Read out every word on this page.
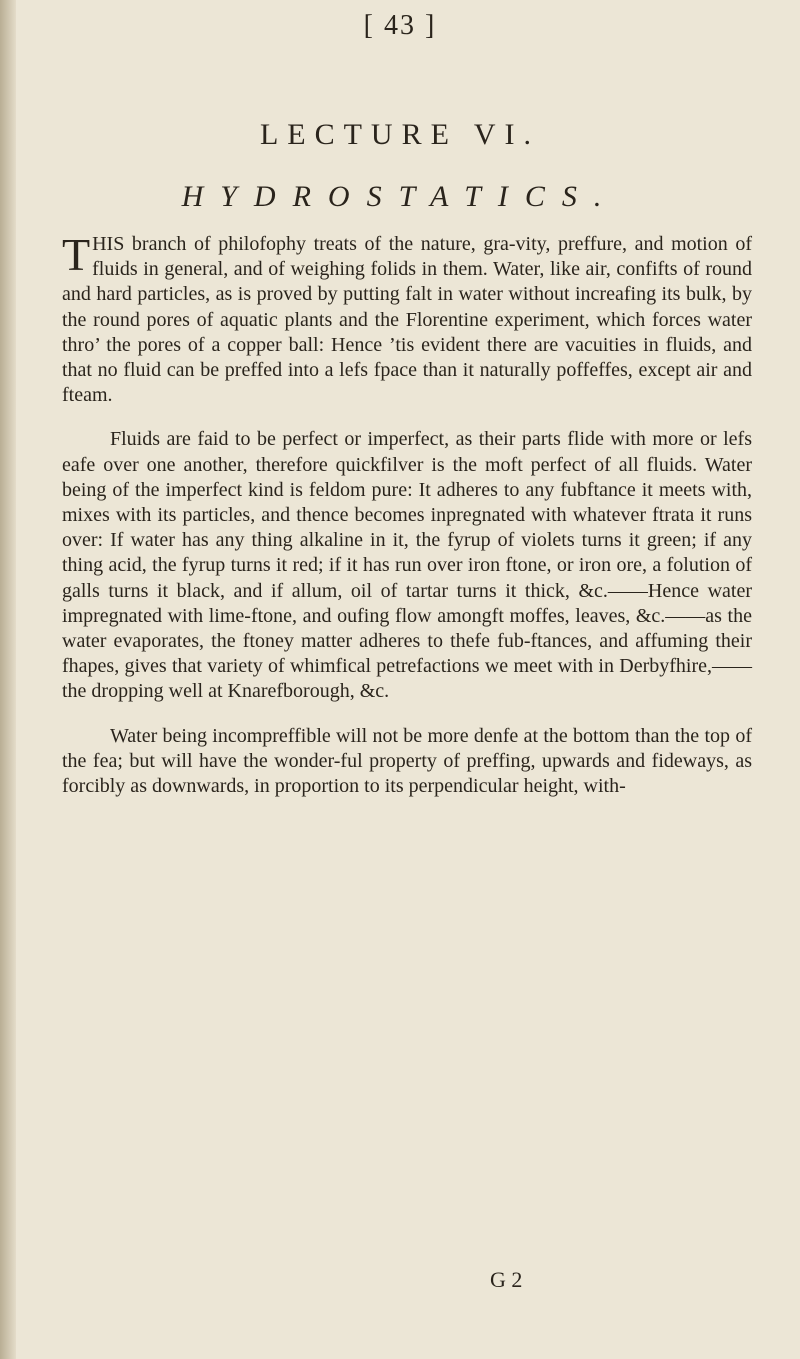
[ 43 ]
LECTURE VI.
HYDROSTATICS.

THIS branch of philofophy treats of the nature, gra-vity, preffure, and motion of fluids in general, and of weighing folids in them. Water, like air, confifts of round and hard particles, as is proved by putting falt in water without increafing its bulk, by the round pores of aquatic plants and the Florentine experiment, which forces water thro’ the pores of a copper ball: Hence ’tis evident there are vacuities in fluids, and that no fluid can be preffed into a lefs fpace than it naturally poffeffes, except air and fteam.

Fluids are faid to be perfect or imperfect, as their parts flide with more or lefs eafe over one another, therefore quickfilver is the moft perfect of all fluids. Water being of the imperfect kind is feldom pure: It adheres to any fubftance it meets with, mixes with its particles, and thence becomes inpregnated with whatever ftrata it runs over: If water has any thing alkaline in it, the fyrup of violets turns it green; if any thing acid, the fyrup turns it red; if it has run over iron ftone, or iron ore, a folution of galls turns it black, and if allum, oil of tartar turns it thick, &c.——Hence water impregnated with lime-ftone, and oufing flow amongft moffes, leaves, &c.——as the water evaporates, the ftoney matter adheres to thefe fub-ftances, and affuming their fhapes, gives that variety of whimfical petrefactions we meet with in Derbyfhire,—— the dropping well at Knarefborough, &c.

Water being incompreffible will not be more denfe at the bottom than the top of the fea; but will have the wonder-ful property of preffing, upwards and fideways, as forcibly as downwards, in proportion to its perpendicular height, with-

G 2
